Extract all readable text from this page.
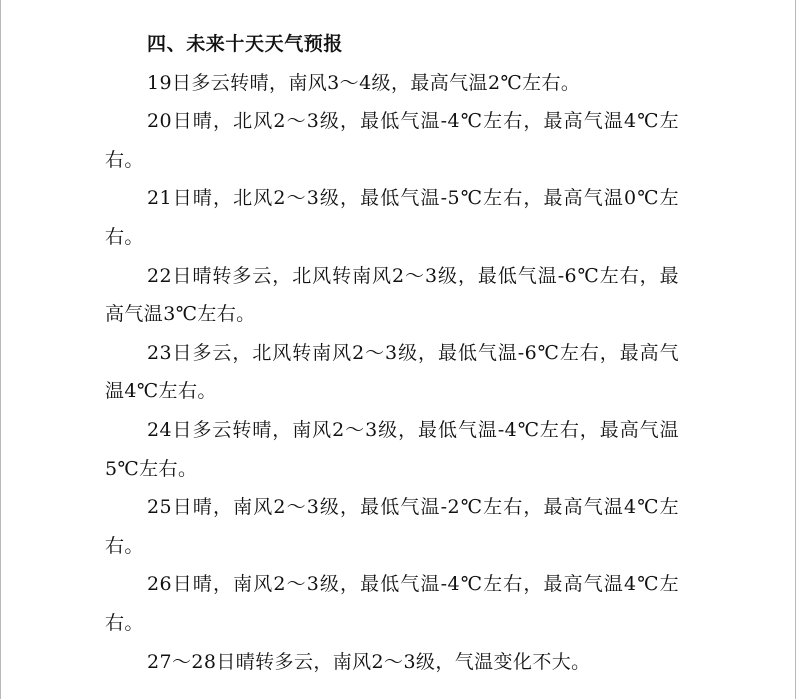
四、未来十天天气预报

19日多云转晴，南风3～4级，最高气温2℃左右。

20日晴，北风2～3级，最低气温-4℃左右，最高气温4℃左右。

21日晴，北风2～3级，最低气温-5℃左右，最高气温0℃左右。

22日晴转多云，北风转南风2～3级，最低气温-6℃左右，最高气温3℃左右。

23日多云，北风转南风2～3级，最低气温-6℃左右，最高气温4℃左右。

24日多云转晴，南风2～3级，最低气温-4℃左右，最高气温5℃左右。

25日晴，南风2～3级，最低气温-2℃左右，最高气温4℃左右。

26日晴，南风2～3级，最低气温-4℃左右，最高气温4℃左右。

27～28日晴转多云，南风2～3级，气温变化不大。
